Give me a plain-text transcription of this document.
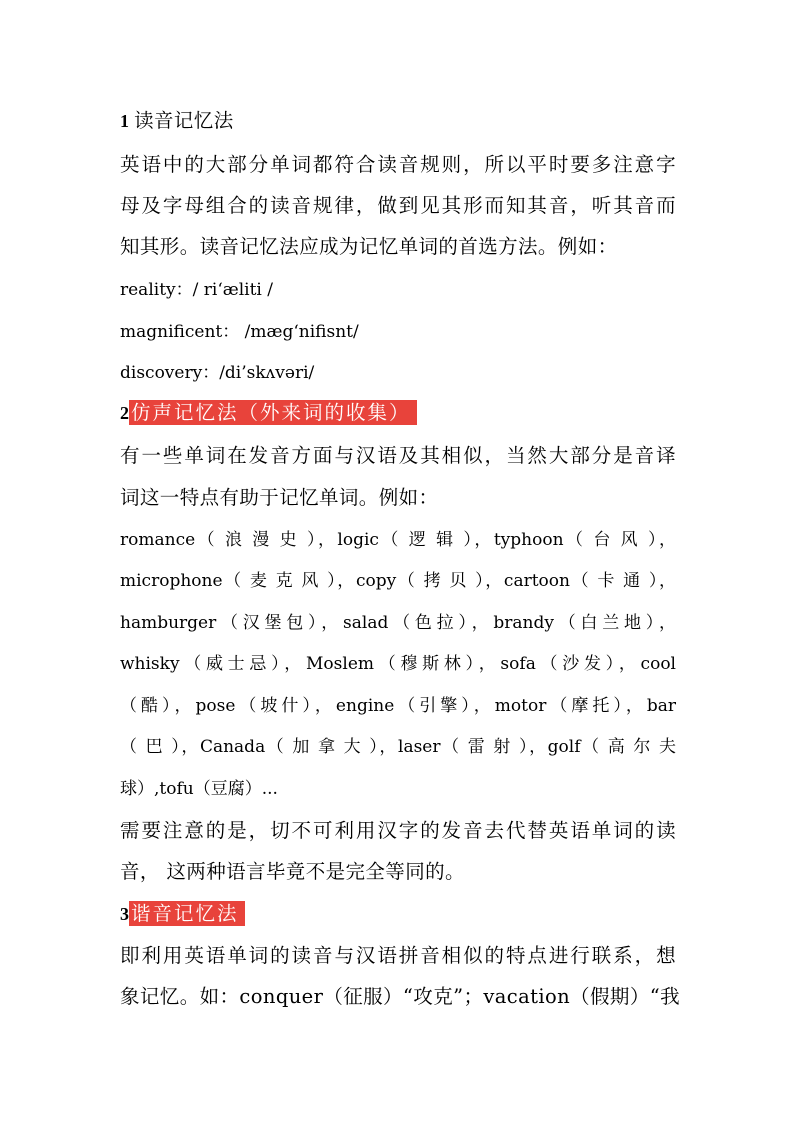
1 读音记忆法
英语中的大部分单词都符合读音规则，所以平时要多注意字
母及字母组合的读音规律，做到见其形而知其音，听其音而
知其形。读音记忆法应成为记忆单词的首选方法。例如：
reality：/ ri‘æliti /
magnificent： /mæg‘nifisnt/
discovery：/di’skʌvəri/
2 仿声记忆法（外来词的收集）
有一些单词在发音方面与汉语及其相似，当然大部分是音译
词这一特点有助于记忆单词。例如：
romance（ 浪 漫 史 ），logic（ 逻 辑 ），typhoon（ 台 风 ），
microphone（ 麦 克 风 ），copy（ 拷 贝 ），cartoon（ 卡 通 ），
hamburger（汉堡包），salad（色拉），brandy（白兰地），
whisky（威士忌），Moslem（穆斯林），sofa（沙发），cool
（酷），pose（坡什），engine（引擎），motor（摩托），bar
（ 巴 ），Canada（ 加 拿 大 ），laser（ 雷 射 ），golf（ 高 尔 夫
球）,tofu（豆腐）...
需要注意的是，切不可利用汉字的发音去代替英语单词的读
音， 这两种语言毕竟不是完全等同的。
3 谐音记忆法
即利用英语单词的读音与汉语拼音相似的特点进行联系，想
象记忆。如：conquer（征服）“攻克”；vacation（假期）“我
